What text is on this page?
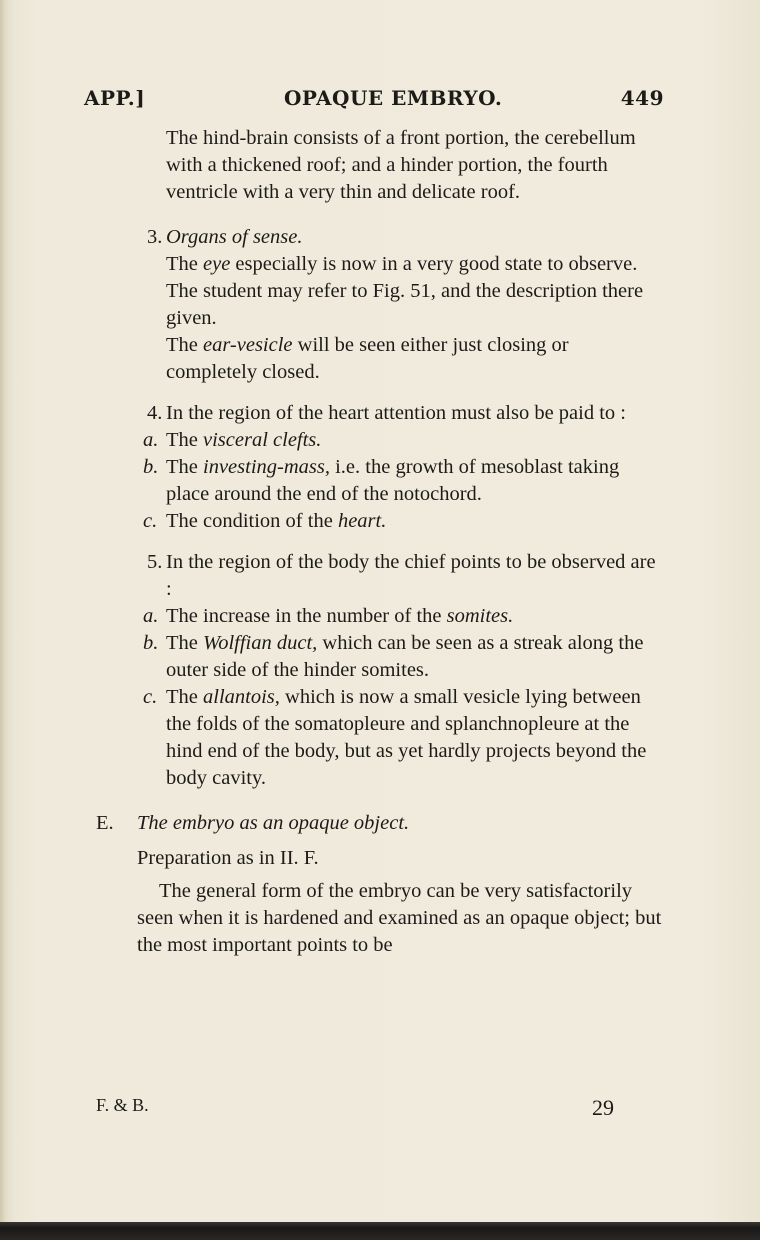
APP.]	OPAQUE EMBRYO.	449

The hind-brain consists of a front portion, the cerebellum with a thickened roof; and a hinder portion, the fourth ventricle with a very thin and delicate roof.

3. Organs of sense.

The eye especially is now in a very good state to observe. The student may refer to Fig. 51, and the description there given.

The ear-vesicle will be seen either just closing or completely closed.

4. In the region of the heart attention must also be paid to :

a. The visceral clefts.

b. The investing-mass, i.e. the growth of mesoblast taking place around the end of the notochord.

c. The condition of the heart.

5. In the region of the body the chief points to be observed are :

a. The increase in the number of the somites.

b. The Wolffian duct, which can be seen as a streak along the outer side of the hinder somites.

c. The allantois, which is now a small vesicle lying between the folds of the somatopleure and splanchnopleure at the hind end of the body, but as yet hardly projects beyond the body cavity.

E. The embryo as an opaque object.

Preparation as in II. F.

The general form of the embryo can be very satisfactorily seen when it is hardened and examined as an opaque object; but the most important points to be

F. & B.	29
